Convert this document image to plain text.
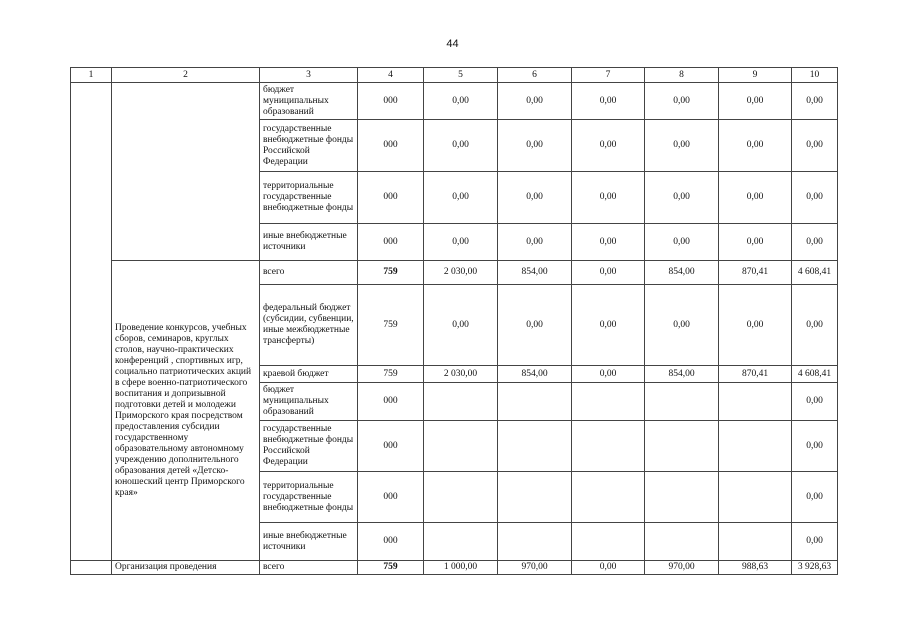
44
1	2	3	4	5	6	7	8	9	10
		бюджет муниципальных образований	000	0,00	0,00	0,00	0,00	0,00	0,00
		государственные внебюджетные фонды Российской Федерации	000	0,00	0,00	0,00	0,00	0,00	0,00
		территориальные государственные внебюджетные фонды	000	0,00	0,00	0,00	0,00	0,00	0,00
		иные внебюджетные источники	000	0,00	0,00	0,00	0,00	0,00	0,00
	Проведение конкурсов, учебных сборов, семинаров, круглых столов, научно-практических конференций , спортивных игр, социально патриотических акций в сфере военно-патриотического воспитания и допризывной подготовки детей и молодежи Приморского края посредством предоставления субсидии государственному образовательному автономному учреждению дополнительного образования детей «Детско-юношеский центр Приморского края»	всего	759	2 030,00	854,00	0,00	854,00	870,41	4 608,41
		федеральный бюджет (субсидии, субвенции, иные межбюджетные трансферты)	759	0,00	0,00	0,00	0,00	0,00	0,00
		краевой бюджет	759	2 030,00	854,00	0,00	854,00	870,41	4 608,41
		бюджет муниципальных образований	000						0,00
		государственные внебюджетные фонды Российской Федерации	000						0,00
		территориальные государственные внебюджетные фонды	000						0,00
		иные внебюджетные источники	000						0,00
	Организация проведения	всего	759	1 000,00	970,00	0,00	970,00	988,63	3 928,63
